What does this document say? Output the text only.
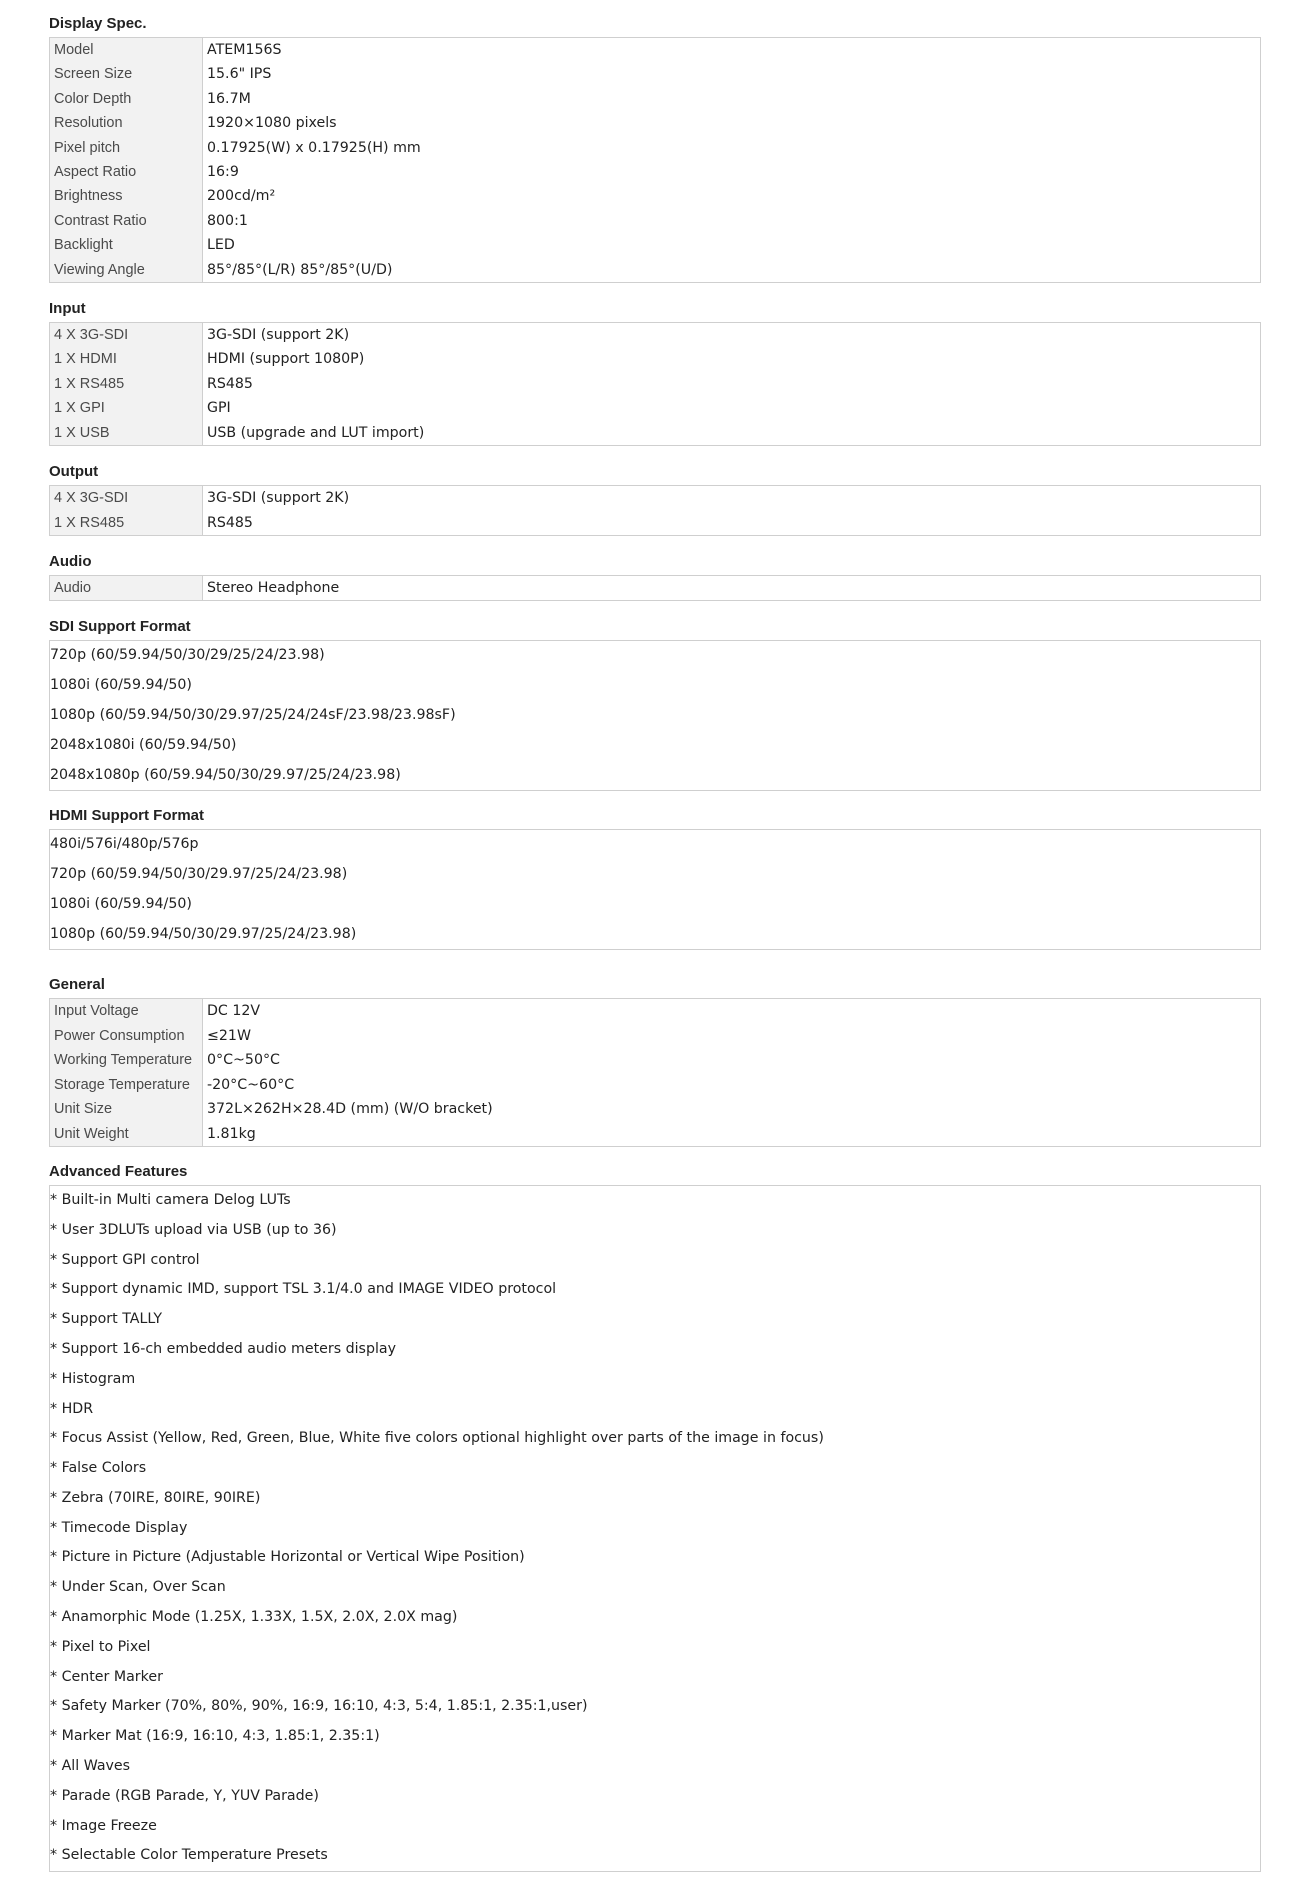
Display Spec.
Model	ATEM156S
Screen Size	15.6" IPS
Color Depth	16.7M
Resolution	1920×1080 pixels
Pixel pitch	0.17925(W) x 0.17925(H) mm
Aspect Ratio	16:9
Brightness	200cd/m²
Contrast Ratio	800:1
Backlight	LED
Viewing Angle	85°/85°(L/R) 85°/85°(U/D)
Input
4 X 3G-SDI	3G-SDI (support 2K)
1 X HDMI	HDMI (support 1080P)
1 X RS485	RS485
1 X GPI	GPI
1 X USB	USB (upgrade and LUT import)
Output
4 X 3G-SDI	3G-SDI (support 2K)
1 X RS485	RS485
Audio
Audio	Stereo Headphone
SDI Support Format
720p (60/59.94/50/30/29/25/24/23.98)
1080i (60/59.94/50)
1080p (60/59.94/50/30/29.97/25/24/24sF/23.98/23.98sF)
2048x1080i (60/59.94/50)
2048x1080p (60/59.94/50/30/29.97/25/24/23.98)
HDMI Support Format
480i/576i/480p/576p
720p (60/59.94/50/30/29.97/25/24/23.98)
1080i (60/59.94/50)
1080p (60/59.94/50/30/29.97/25/24/23.98)
General
Input Voltage	DC 12V
Power Consumption	≤21W
Working Temperature	0°C~50°C
Storage Temperature	-20°C~60°C
Unit Size	372L×262H×28.4D (mm) (W/O bracket)
Unit Weight	1.81kg
Advanced Features
* Built-in Multi camera Delog LUTs
* User 3DLUTs upload via USB (up to 36)
* Support GPI control
* Support dynamic IMD, support TSL 3.1/4.0 and IMAGE VIDEO protocol
* Support TALLY
* Support 16-ch embedded audio meters display
* Histogram
* HDR
* Focus Assist (Yellow, Red, Green, Blue, White five colors optional highlight over parts of the image in focus)
* False Colors
* Zebra (70IRE, 80IRE, 90IRE)
* Timecode Display
* Picture in Picture (Adjustable Horizontal or Vertical Wipe Position)
* Under Scan, Over Scan
* Anamorphic Mode (1.25X, 1.33X, 1.5X, 2.0X, 2.0X mag)
* Pixel to Pixel
* Center Marker
* Safety Marker (70%, 80%, 90%, 16:9, 16:10, 4:3, 5:4, 1.85:1, 2.35:1,user)
* Marker Mat (16:9, 16:10, 4:3, 1.85:1, 2.35:1)
* All Waves
* Parade (RGB Parade, Y, YUV Parade)
* Image Freeze
* Selectable Color Temperature Presets
